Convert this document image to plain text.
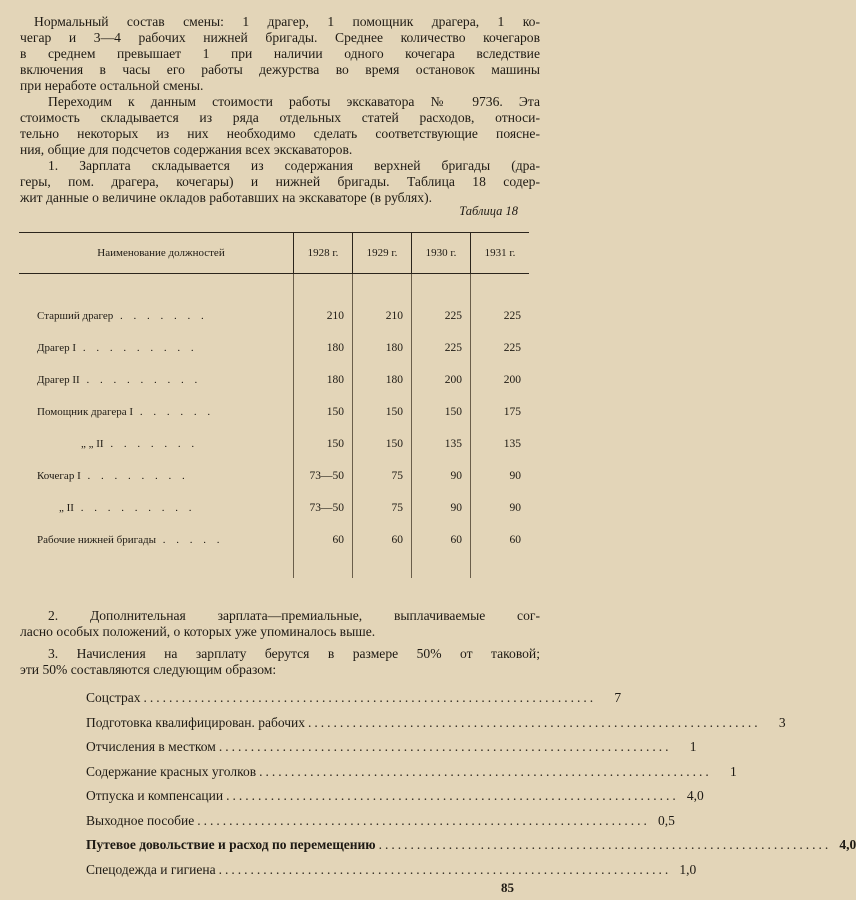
Нормальный состав смены: 1 драгер, 1 помощник драгера, 1 ко-
чегар и 3—4 рабочих нижней бригады. Среднее количество кочегаров
в среднем превышает 1 при наличии одного кочегара вследствие
включения в часы его работы дежурства во время остановок машины
при неработе остальной смены.
Переходим к данным стоимости работы экскаватора № 9736. Эта
стоимость складывается из ряда отдельных статей расходов, относи-
тельно некоторых из них необходимо сделать соответствующие поясне-
ния, общие для подсчетов содержания всех экскаваторов.
1. Зарплата складывается из содержания верхней бригады (дра-
геры, пом. драгера, кочегары) и нижней бригады. Таблица 18 содер-
жит данные о величине окладов работавших на экскаваторе (в рублях).
Таблица 18
Наименование должностей	1928 г.	1929 г.	1930 г.	1931 г.

Старший драгер . . . . . . .	210	210	225	225
Драгер I . . . . . . . . .	180	180	225	225
Драгер II . . . . . . . . .	180	180	200	200
Помощник драгера I . . . . . .	150	150	150	175
„ „ II . . . . . . .	150	150	135	135
Кочегар I . . . . . . . .	73—50	75	90	90
„ II . . . . . . . . .	73—50	75	90	90
Рабочие нижней бригады . . . . .	60	60	60	60

2. Дополнительная зарплата—премиальные, выплачиваемые сог-
ласно особых положений, о которых уже упоминалось выше.
3. Начисления на зарплату берутся в размере 50% от таковой;
эти 50% составляются следующим образом:
Соцстрах .......................................................................	7
Подготовка квалифицирован. рабочих .......................................................................	3
Отчисления в местком .......................................................................	1
Содержание красных уголков .......................................................................	1
Отпуска и компенсации ....................................................................... 4,0
Выходное пособие ....................................................................... 0,5
Путевое довольствие и расход по перемещению ....................................................................... 4,0
Спецодежда и гигиена ....................................................................... 1,0
85
